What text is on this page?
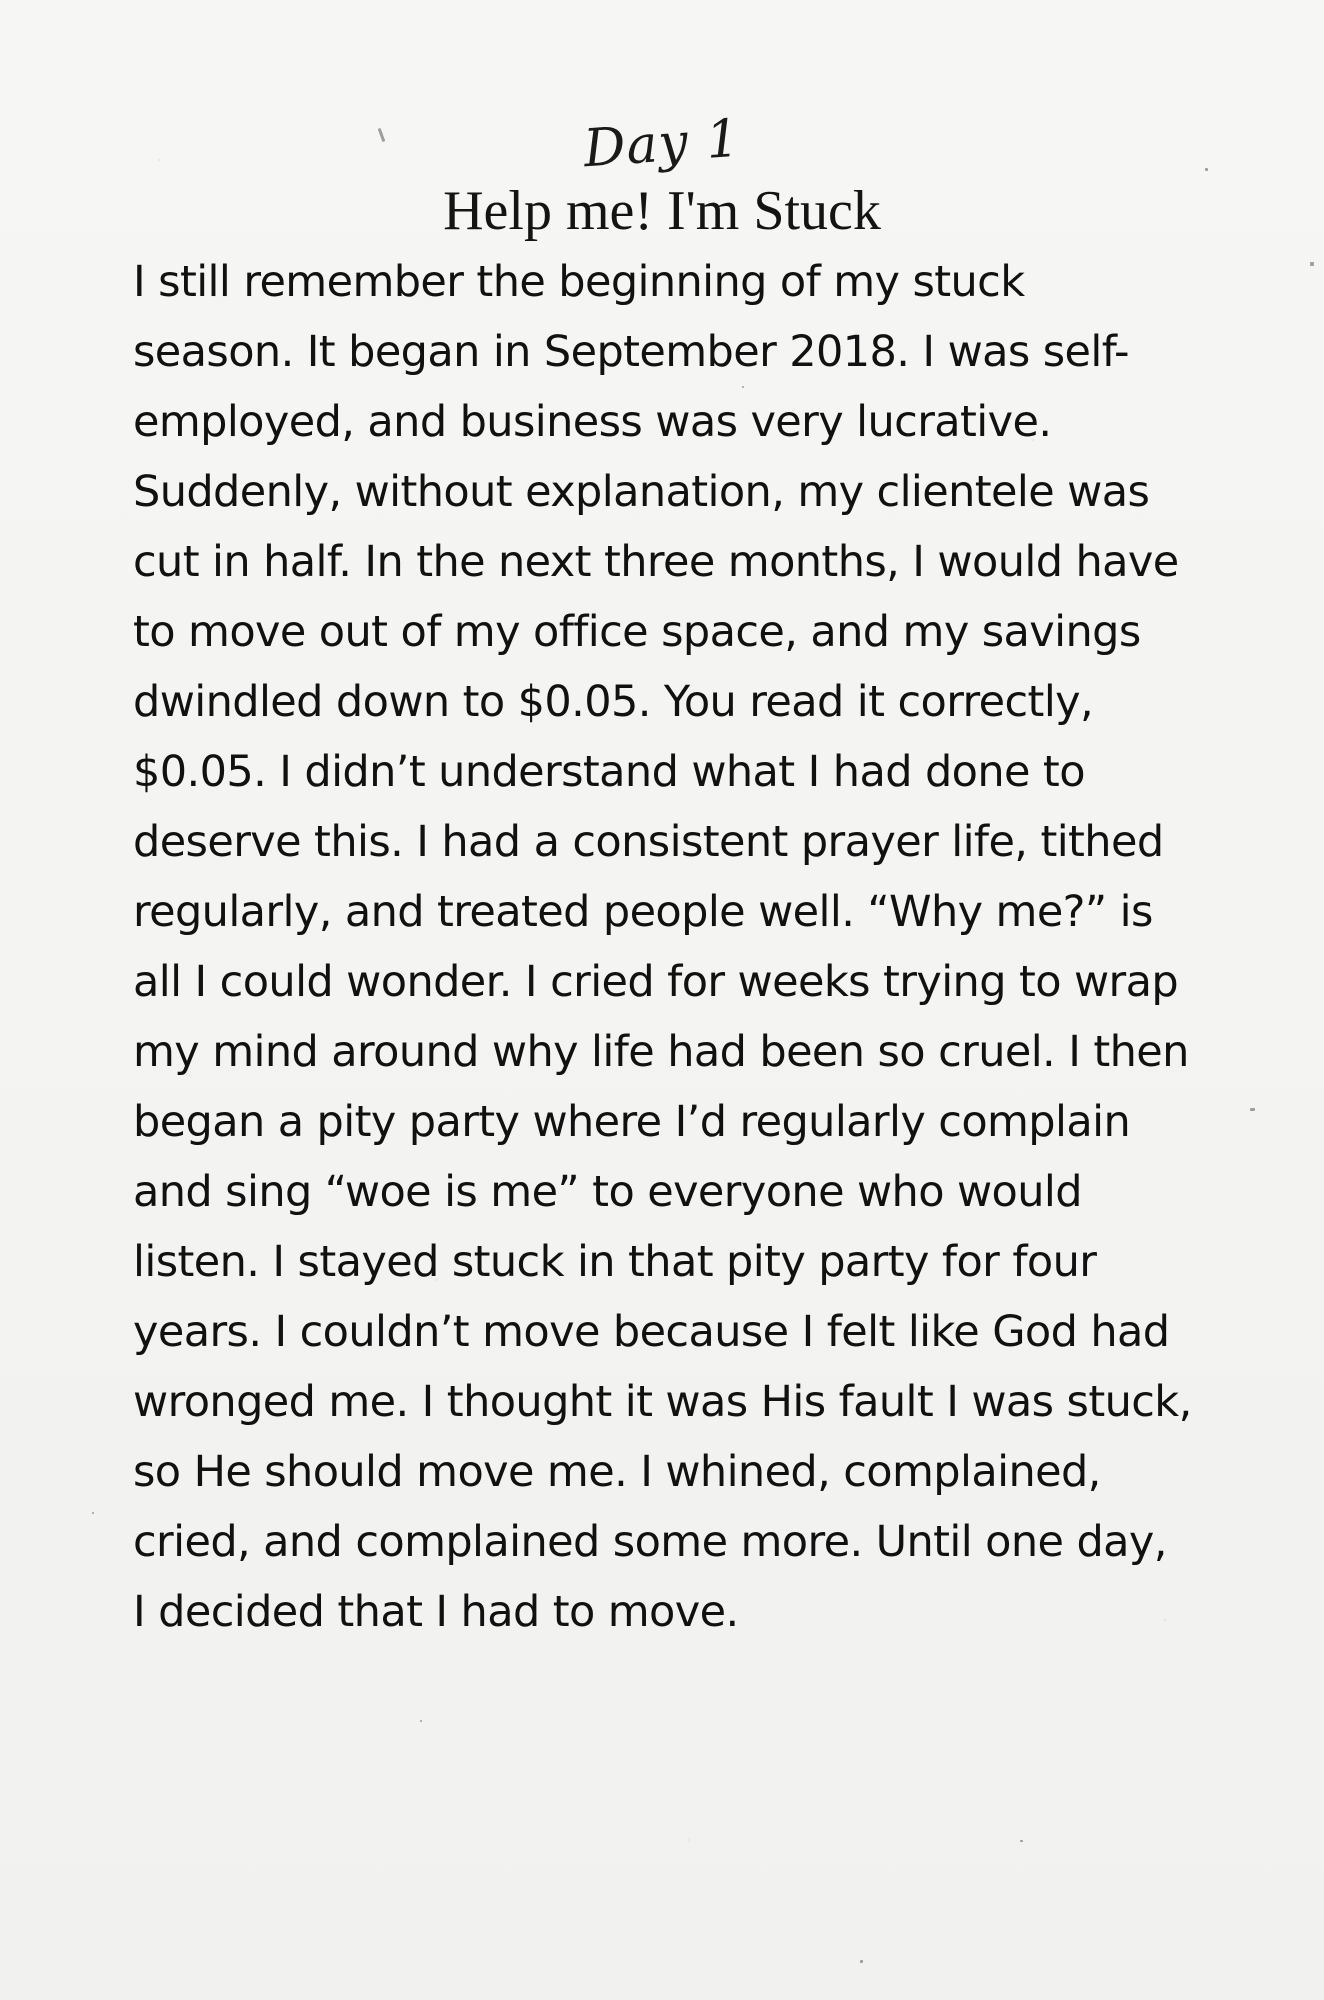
Day 1
Help me! I'm Stuck
I still remember the beginning of my stuck
season. It began in September 2018. I was self-
employed, and business was very lucrative.
Suddenly, without explanation, my clientele was
cut in half. In the next three months, I would have
to move out of my office space, and my savings
dwindled down to $0.05. You read it correctly,
$0.05. I didn’t understand what I had done to
deserve this. I had a consistent prayer life, tithed
regularly, and treated people well. “Why me?” is
all I could wonder. I cried for weeks trying to wrap
my mind around why life had been so cruel. I then
began a pity party where I’d regularly complain
and sing “woe is me” to everyone who would
listen. I stayed stuck in that pity party for four
years. I couldn’t move because I felt like God had
wronged me. I thought it was His fault I was stuck,
so He should move me. I whined, complained,
cried, and complained some more. Until one day,
I decided that I had to move.
